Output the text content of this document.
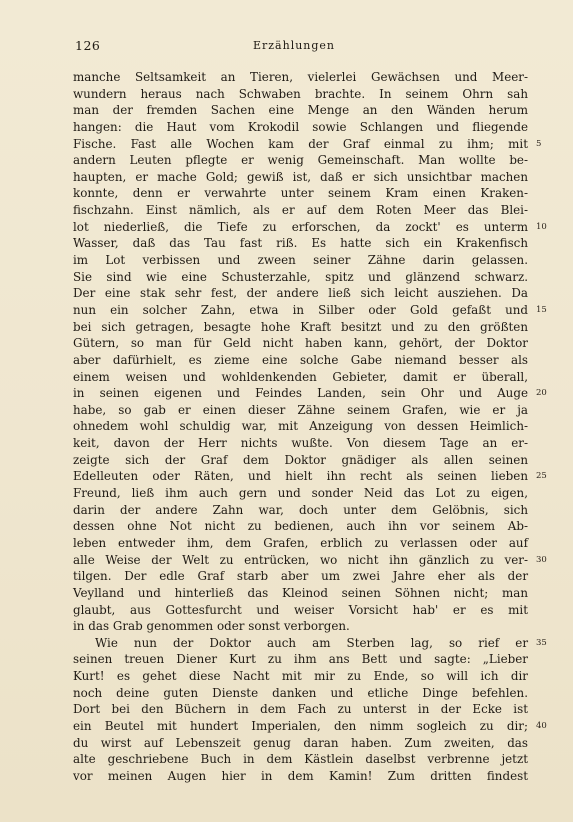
126	Erzählungen
manche Seltsamkeit an Tieren, vielerlei Gewächsen und Meer-
wundern heraus nach Schwaben brachte. In seinem Ohrn sah
man der fremden Sachen eine Menge an den Wänden herum
hangen: die Haut vom Krokodil sowie Schlangen und fliegende
Fische. Fast alle Wochen kam der Graf einmal zu ihm; mit 5
andern Leuten pflegte er wenig Gemeinschaft. Man wollte be-
haupten, er mache Gold; gewiß ist, daß er sich unsichtbar machen
konnte, denn er verwahrte unter seinem Kram einen Kraken-
fischzahn. Einst nämlich, als er auf dem Roten Meer das Blei-
lot niederließ, die Tiefe zu erforschen, da zockt' es unterm 10
Wasser, daß das Tau fast riß. Es hatte sich ein Krakenfisch
im Lot verbissen und zween seiner Zähne darin gelassen.
Sie sind wie eine Schusterzahle, spitz und glänzend schwarz.
Der eine stak sehr fest, der andere ließ sich leicht ausziehen. Da
nun ein solcher Zahn, etwa in Silber oder Gold gefaßt und 15
bei sich getragen, besagte hohe Kraft besitzt und zu den größten
Gütern, so man für Geld nicht haben kann, gehört, der Doktor
aber dafürhielt, es zieme eine solche Gabe niemand besser als
einem weisen und wohldenkenden Gebieter, damit er überall,
in seinen eigenen und Feindes Landen, sein Ohr und Auge 20
habe, so gab er einen dieser Zähne seinem Grafen, wie er ja
ohnedem wohl schuldig war, mit Anzeigung von dessen Heimlich-
keit, davon der Herr nichts wußte. Von diesem Tage an er-
zeigte sich der Graf dem Doktor gnädiger als allen seinen
Edelleuten oder Räten, und hielt ihn recht als seinen lieben 25
Freund, ließ ihm auch gern und sonder Neid das Lot zu eigen,
darin der andere Zahn war, doch unter dem Gelöbnis, sich
dessen ohne Not nicht zu bedienen, auch ihn vor seinem Ab-
leben entweder ihm, dem Grafen, erblich zu verlassen oder auf
alle Weise der Welt zu entrücken, wo nicht ihn gänzlich zu ver- 30
tilgen. Der edle Graf starb aber um zwei Jahre eher als der
Veylland und hinterließ das Kleinod seinen Söhnen nicht; man
glaubt, aus Gottesfurcht und weiser Vorsicht hab' er es mit
in das Grab genommen oder sonst verborgen.
Wie nun der Doktor auch am Sterben lag, so rief er 35
seinen treuen Diener Kurt zu ihm ans Bett und sagte: „Lieber
Kurt! es gehet diese Nacht mit mir zu Ende, so will ich dir
noch deine guten Dienste danken und etliche Dinge befehlen.
Dort bei den Büchern in dem Fach zu unterst in der Ecke ist
ein Beutel mit hundert Imperialen, den nimm sogleich zu dir; 40
du wirst auf Lebenszeit genug daran haben. Zum zweiten, das
alte geschriebene Buch in dem Kästlein daselbst verbrenne jetzt
vor meinen Augen hier in dem Kamin! Zum dritten findest
